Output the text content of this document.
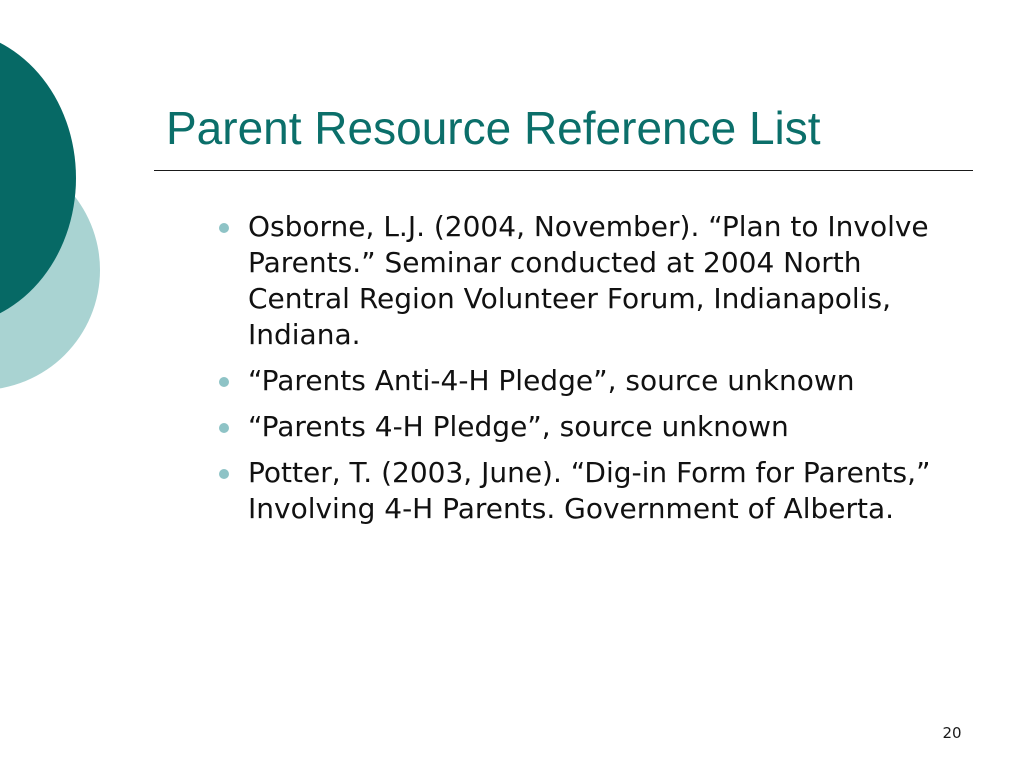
Parent Resource Reference List
Osborne, L.J. (2004, November). “Plan to Involve Parents.” Seminar conducted at 2004 North Central Region Volunteer Forum, Indianapolis, Indiana.
“Parents Anti-4-H Pledge”, source unknown
“Parents 4-H Pledge”, source unknown
Potter, T. (2003, June). “Dig-in Form for Parents,” Involving 4-H Parents. Government of Alberta.
20
